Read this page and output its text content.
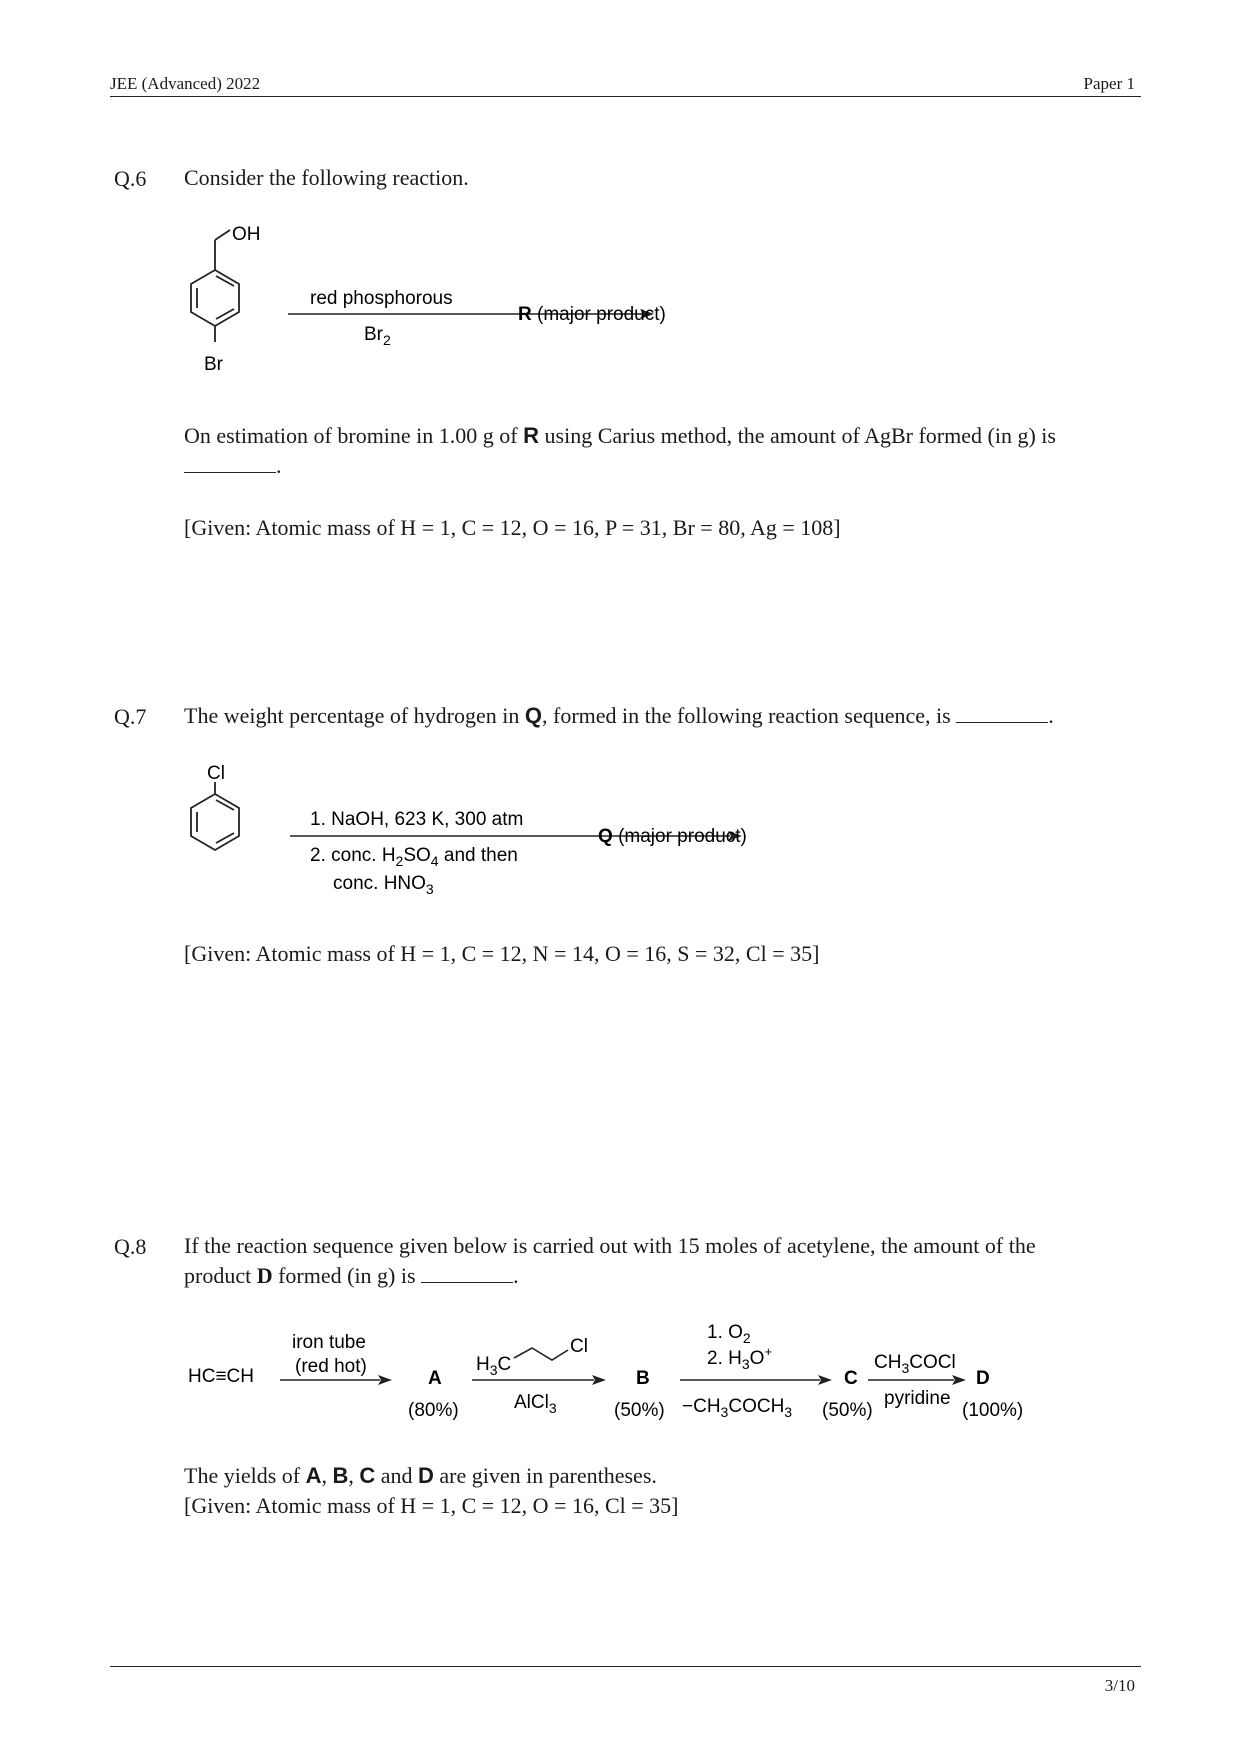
JEE (Advanced) 2022	Paper 1
Q.6 Consider the following reaction.
OH
Br
red phosphorous
$Br_2$
R (major product)
On estimation of bromine in 1.00 g of R using Carius method, the amount of AgBr formed (in g) is
.
[Given: Atomic mass of H = 1, C = 12, O = 16, P = 31, Br = 80, Ag = 108]
Q.7 The weight percentage of hydrogen in Q, formed in the following reaction sequence, is	.
Cl
1. NaOH, 623 K, 300 atm
2. conc. $H_2SO_4$ and then
conc. $HNO_3$
Q (major product)
[Given: Atomic mass of H = 1, C = 12, N = 14, O = 16, S = 32, Cl = 35]
Q.8 If the reaction sequence given below is carried out with 15 moles of acetylene, the amount of the
product D formed (in g) is	.
HC≡CH
iron tube
(red hot)
A
(80%)
$H_3C$
Cl
AlCl$_3$
B
(50%)
1. $O_2$
2. $H_3O^+$
$-CH_3COCH_3$
C
(50%)
$CH_3COCl$
pyridine
D
(100%)
The yields of A, B, C and D are given in parentheses.
[Given: Atomic mass of H = 1, C = 12, O = 16, Cl = 35]
3/10
